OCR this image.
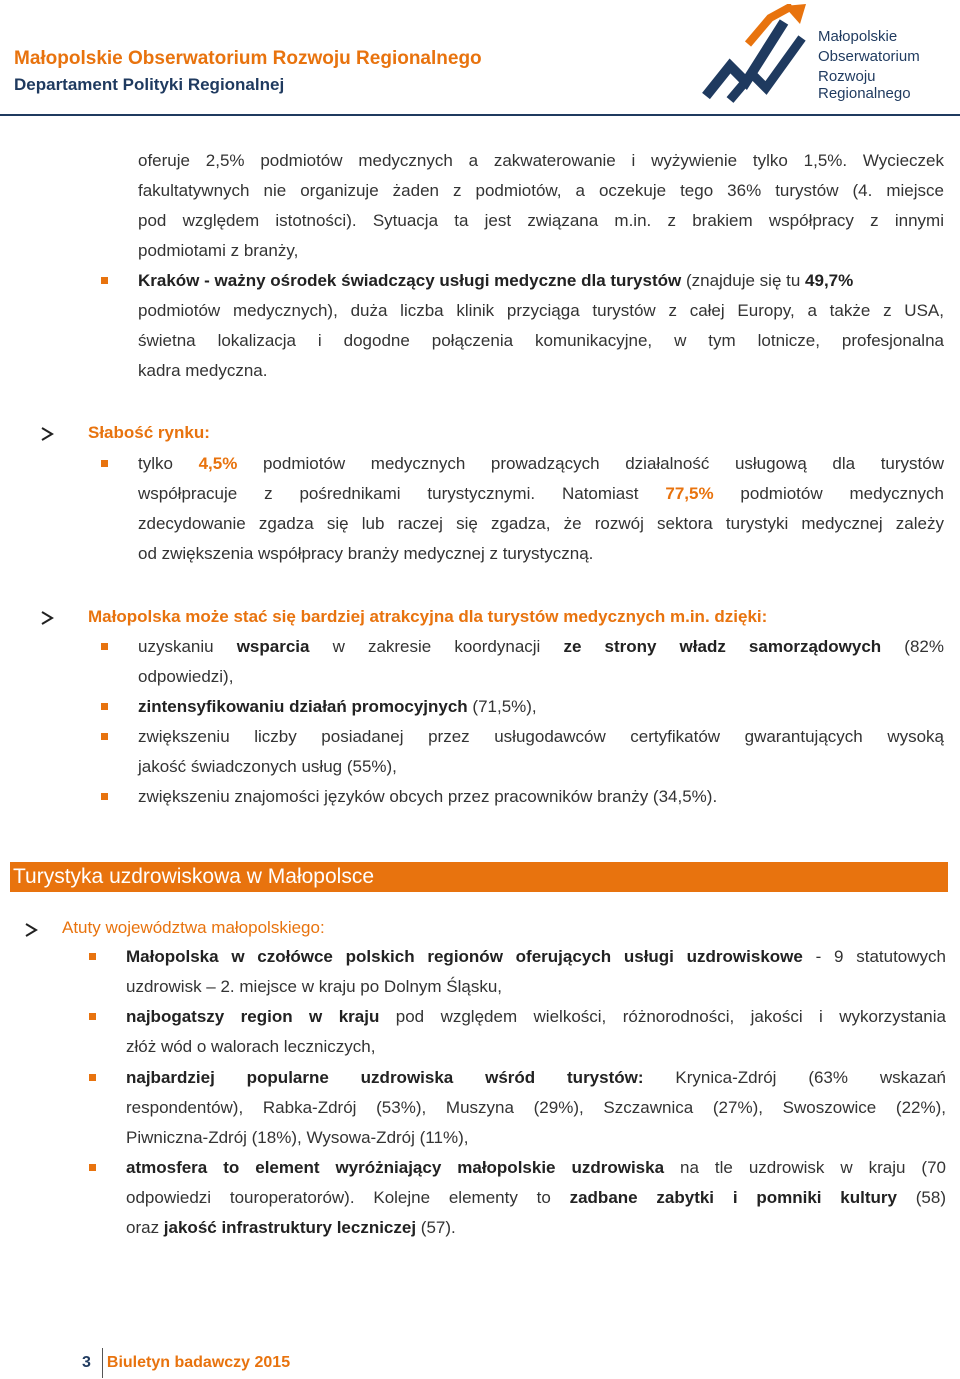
Małopolskie Obserwatorium Rozwoju Regionalnego
Departament Polityki Regionalnej
Małopolskie
Obserwatorium
Rozwoju Regionalnego
oferuje 2,5% podmiotów medycznych a zakwaterowanie i wyżywienie tylko 1,5%. Wycieczek
fakultatywnych nie organizuje żaden z podmiotów, a oczekuje tego 36% turystów (4. miejsce
pod względem istotności). Sytuacja ta jest związana m.in. z brakiem współpracy z innymi
podmiotami z branży,
Kraków - ważny ośrodek świadczący usługi medyczne dla turystów (znajduje się tu 49,7%
podmiotów medycznych), duża liczba klinik przyciąga turystów z całej Europy, a także z USA,
świetna lokalizacja i dogodne połączenia komunikacyjne, w tym lotnicze, profesjonalna
kadra medyczna.
Słabość rynku:
tylko 4,5% podmiotów medycznych prowadzących działalność usługową dla turystów
współpracuje z pośrednikami turystycznymi. Natomiast 77,5% podmiotów medycznych
zdecydowanie zgadza się lub raczej się zgadza, że rozwój sektora turystyki medycznej zależy
od zwiększenia współpracy branży medycznej z turystyczną.
Małopolska może stać się bardziej atrakcyjna dla turystów medycznych m.in. dzięki:
uzyskaniu wsparcia w zakresie koordynacji ze strony władz samorządowych (82%
odpowiedzi),
zintensyfikowaniu działań promocyjnych (71,5%),
zwiększeniu liczby posiadanej przez usługodawców certyfikatów gwarantujących wysoką
jakość świadczonych usług (55%),
zwiększeniu znajomości języków obcych przez pracowników branży (34,5%).
Turystyka uzdrowiskowa w Małopolsce
Atuty województwa małopolskiego:
Małopolska w czołówce polskich regionów oferujących usługi uzdrowiskowe - 9 statutowych
uzdrowisk – 2. miejsce w kraju po Dolnym Śląsku,
najbogatszy region w kraju pod względem wielkości, różnorodności, jakości i wykorzystania
złóż wód o walorach leczniczych,
najbardziej popularne uzdrowiska wśród turystów: Krynica-Zdrój (63% wskazań
respondentów), Rabka-Zdrój (53%), Muszyna (29%), Szczawnica (27%), Swoszowice (22%),
Piwniczna-Zdrój (18%), Wysowa-Zdrój (11%),
atmosfera to element wyróżniający małopolskie uzdrowiska na tle uzdrowisk w kraju (70
odpowiedzi touroperatorów). Kolejne elementy to zadbane zabytki i pomniki kultury (58)
oraz jakość infrastruktury leczniczej (57).
3 Biuletyn badawczy 2015
